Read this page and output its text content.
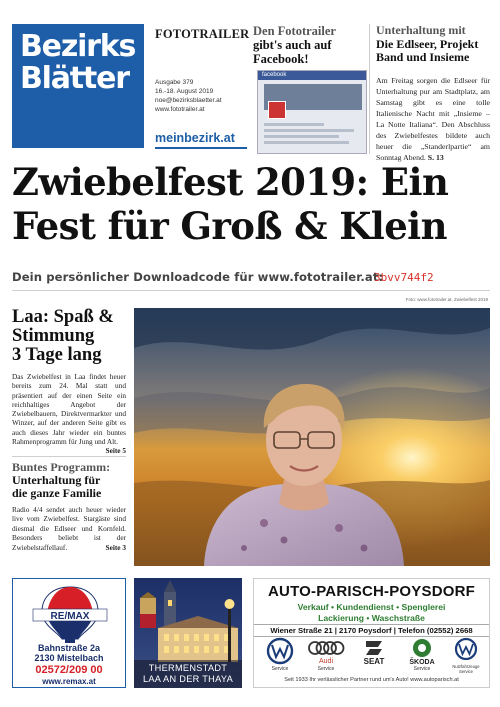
Bezirks
Blätter
FOTOTRAILER
Ausgabe 379
16.-18. August 2019
noe@bezirksblaetter.at
www.fototrailer.at
meinbezirk.at
Den Fototrailer
gibt's auch auf
Facebook!
facebook
Unterhaltung mit
Die Edlseer, Projekt
Band und Insieme
Am Freitag sorgen die Edlseer für Unterhaltung pur am Stadtplatz, am Samstag gibt es eine tolle Italienische Nacht mit „Insieme – La Notte Italiana“. Den Abschluss des Zwiebelfestes bildete auch heuer die „Standerlpartie“ am Sonntag Abend. S. 13
Zwiebelfest 2019: Ein
Fest für Groß & Klein
Dein persönlicher Downloadcode für www.fototrailer.at:
3bvv744f2
Foto: www.fototrailer.at, Zwiebelfest 2019
Laa: Spaß &
Stimmung
3 Tage lang
Das Zwiebelfest in Laa findet heuer bereits zum 24. Mal statt und präsentiert auf der einen Seite ein reichhaltiges Angebot der Zwiebelbauern, Direktvermarkter und Winzer, auf der anderen Seite gibt es auch dieses Jahr wieder ein buntes Rahmenprogramm für Jung und Alt.
Seite 5
Buntes Programm:
Unterhaltung für
die ganze Familie
Radio 4/4 sendet auch heuer wieder live vom Zwiebelfest. Stargäste sind diesmal die Edlseer und Kornfeld. Besonders beliebt ist der Zwiebelstaffellauf.	Seite 3
RE/MAX
Bahnstraße 2a
2130 Mistelbach
02572/209 00
www.remax.at
THERMENSTADT
LAA AN DER THAYA
AUTO-PARISCH-POYSDORF
Verkauf • Kundendienst • Spenglerei
Lackierung • Waschstraße
Wiener Straße 21 | 2170 Poysdorf | Telefon (02552) 2668
Service
Audi
Service
SEAT	ŠKODA
Service	Nutzfahrzeuge Service
Seit 1933 Ihr verlässlicher Partner rund um's Auto! www.autoparisch.at
